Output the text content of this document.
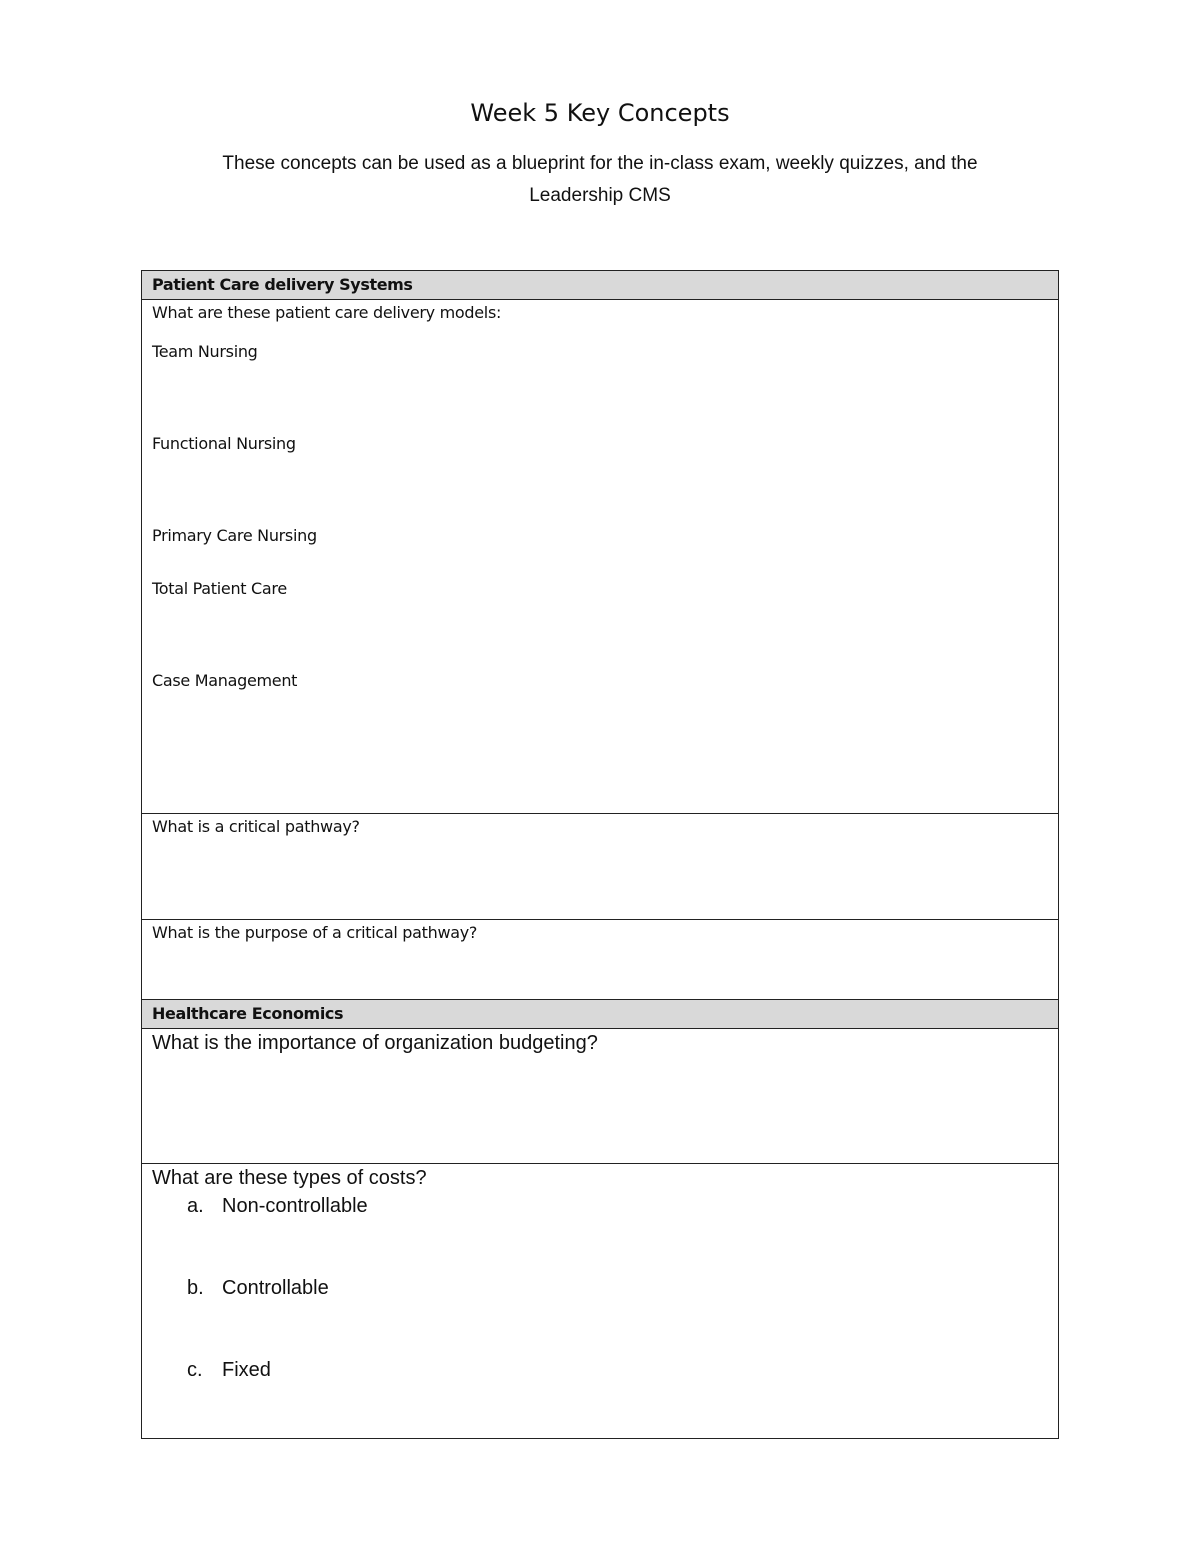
Week 5 Key Concepts
These concepts can be used as a blueprint for the in-class exam, weekly quizzes, and the
Leadership CMS
Patient Care delivery Systems

What are these patient care delivery models:
Team Nursing
Functional Nursing
Primary Care Nursing
Total Patient Care
Case Management

What is a critical pathway?

What is the purpose of a critical pathway?

Healthcare Economics

What is the importance of organization budgeting?

What are these types of costs?
a. Non-controllable
b. Controllable
c. Fixed
